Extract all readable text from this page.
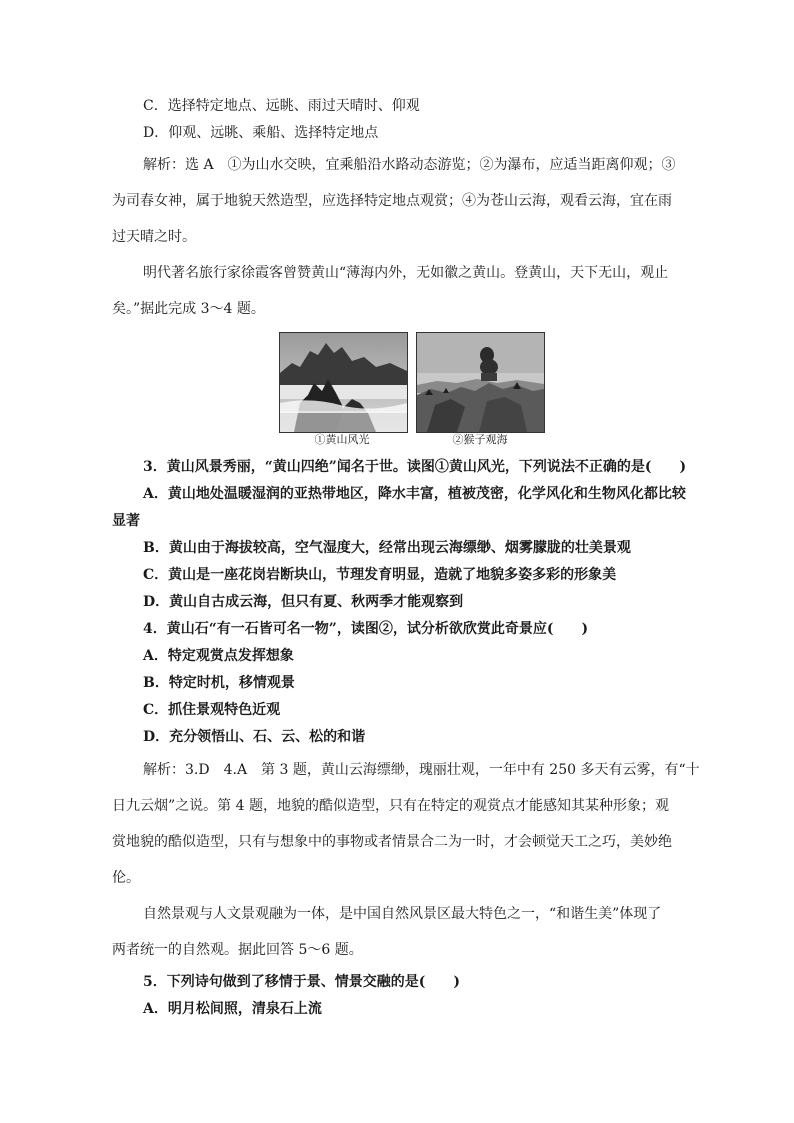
C．选择特定地点、远眺、雨过天晴时、仰观
D．仰观、远眺、乘船、选择特定地点
解析：选 A　①为山水交映，宜乘船沿水路动态游览；②为瀑布，应适当距离仰观；③
为司春女神，属于地貌天然造型，应选择特定地点观赏；④为苍山云海，观看云海，宜在雨
过天晴之时。
明代著名旅行家徐霞客曾赞黄山“薄海内外，无如徽之黄山。登黄山，天下无山，观止
矣。”据此完成 3～4 题。
①黄山风光	②猴子观海
3．黄山风景秀丽，“黄山四绝”闻名于世。读图①黄山风光，下列说法不正确的是(　　)
A．黄山地处温暖湿润的亚热带地区，降水丰富，植被茂密，化学风化和生物风化都比较
显著
B．黄山由于海拔较高，空气湿度大，经常出现云海缥缈、烟雾朦胧的壮美景观
C．黄山是一座花岗岩断块山，节理发育明显，造就了地貌多姿多彩的形象美
D．黄山自古成云海，但只有夏、秋两季才能观察到
4．黄山石“有一石皆可名一物”，读图②，试分析欲欣赏此奇景应(　　)
A．特定观赏点发挥想象
B．特定时机，移情观景
C．抓住景观特色近观
D．充分领悟山、石、云、松的和谐
解析：3.D　4.A　第 3 题，黄山云海缥缈，瑰丽壮观，一年中有 250 多天有云雾，有“十
日九云烟”之说。第 4 题，地貌的酷似造型，只有在特定的观赏点才能感知其某种形象；观
赏地貌的酷似造型，只有与想象中的事物或者情景合二为一时，才会顿觉天工之巧，美妙绝
伦。
自然景观与人文景观融为一体，是中国自然风景区最大特色之一，“和谐生美”体现了
两者统一的自然观。据此回答 5～6 题。
5．下列诗句做到了移情于景、情景交融的是(　　)
A．明月松间照，清泉石上流
